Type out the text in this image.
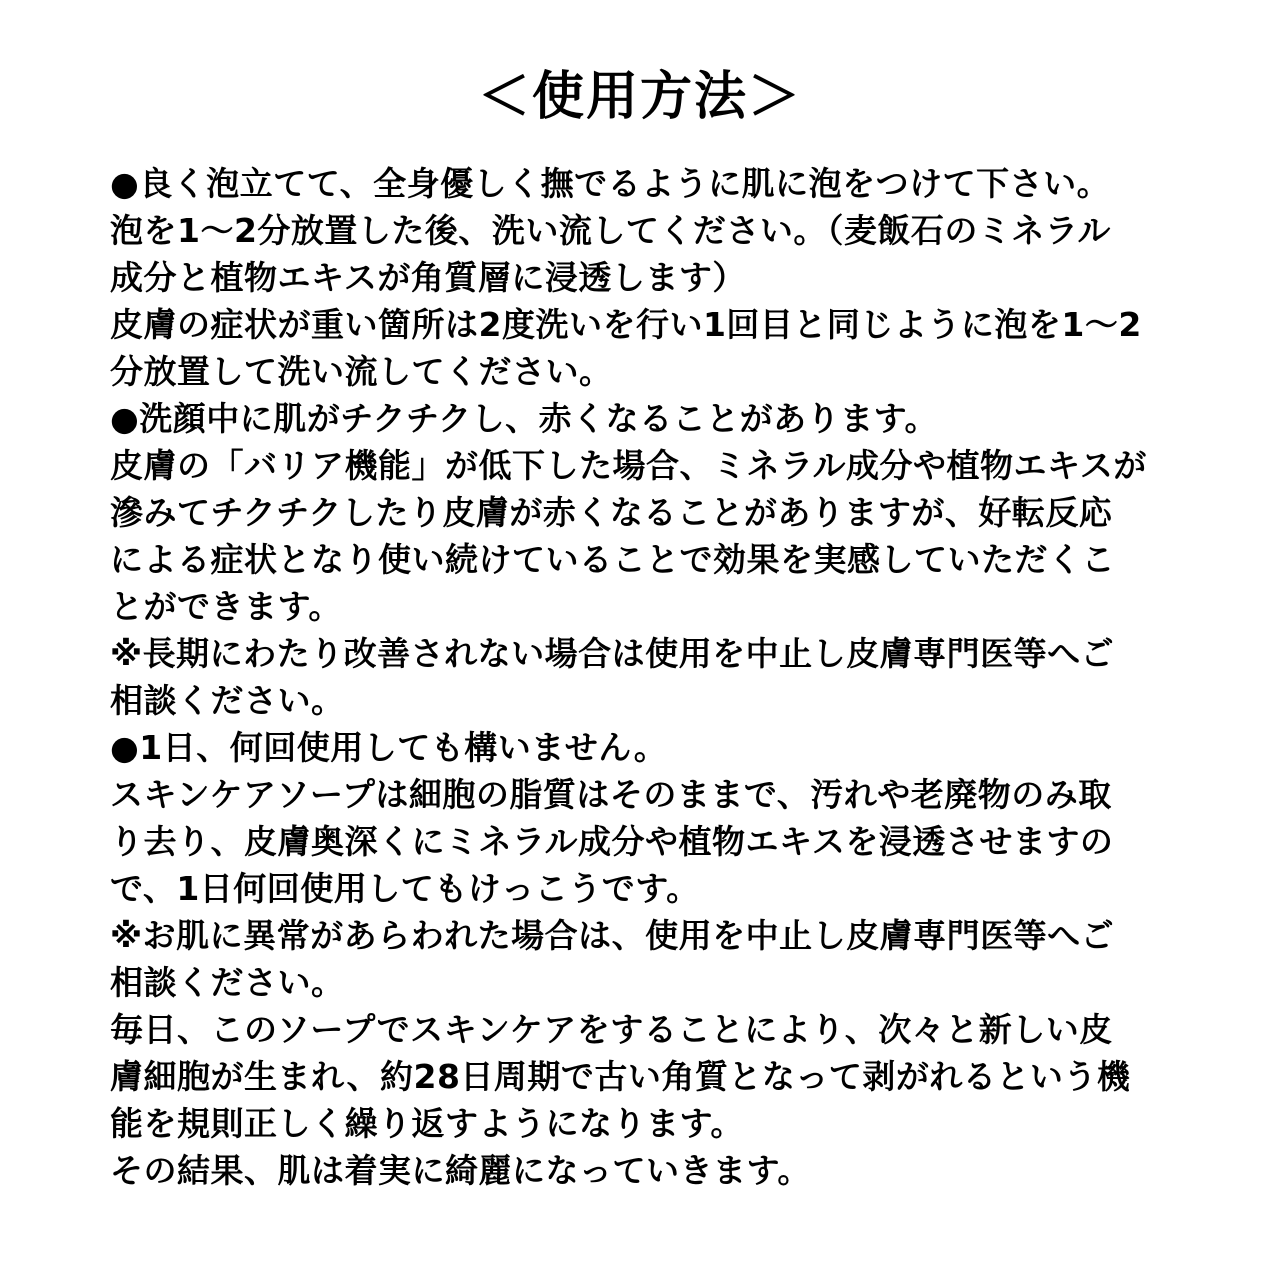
＜使用方法＞
●良く泡立てて、全身優しく撫でるように肌に泡をつけて下さい。
泡を1～2分放置した後、洗い流してください。（麦飯石のミネラル
成分と植物エキスが角質層に浸透します）
皮膚の症状が重い箇所は2度洗いを行い1回目と同じように泡を1～2
分放置して洗い流してください。
●洗顔中に肌がチクチクし、赤くなることがあります。
皮膚の「バリア機能」が低下した場合、ミネラル成分や植物エキスが
滲みてチクチクしたり皮膚が赤くなることがありますが、好転反応
による症状となり使い続けていることで効果を実感していただくこ
とができます。
※長期にわたり改善されない場合は使用を中止し皮膚専門医等へご
相談ください。
●1日、何回使用しても構いません。
スキンケアソープは細胞の脂質はそのままで、汚れや老廃物のみ取
り去り、皮膚奥深くにミネラル成分や植物エキスを浸透させますの
で、1日何回使用してもけっこうです。
※お肌に異常があらわれた場合は、使用を中止し皮膚専門医等へご
相談ください。
毎日、このソープでスキンケアをすることにより、次々と新しい皮
膚細胞が生まれ、約28日周期で古い角質となって剥がれるという機
能を規則正しく繰り返すようになります。
その結果、肌は着実に綺麗になっていきます。
